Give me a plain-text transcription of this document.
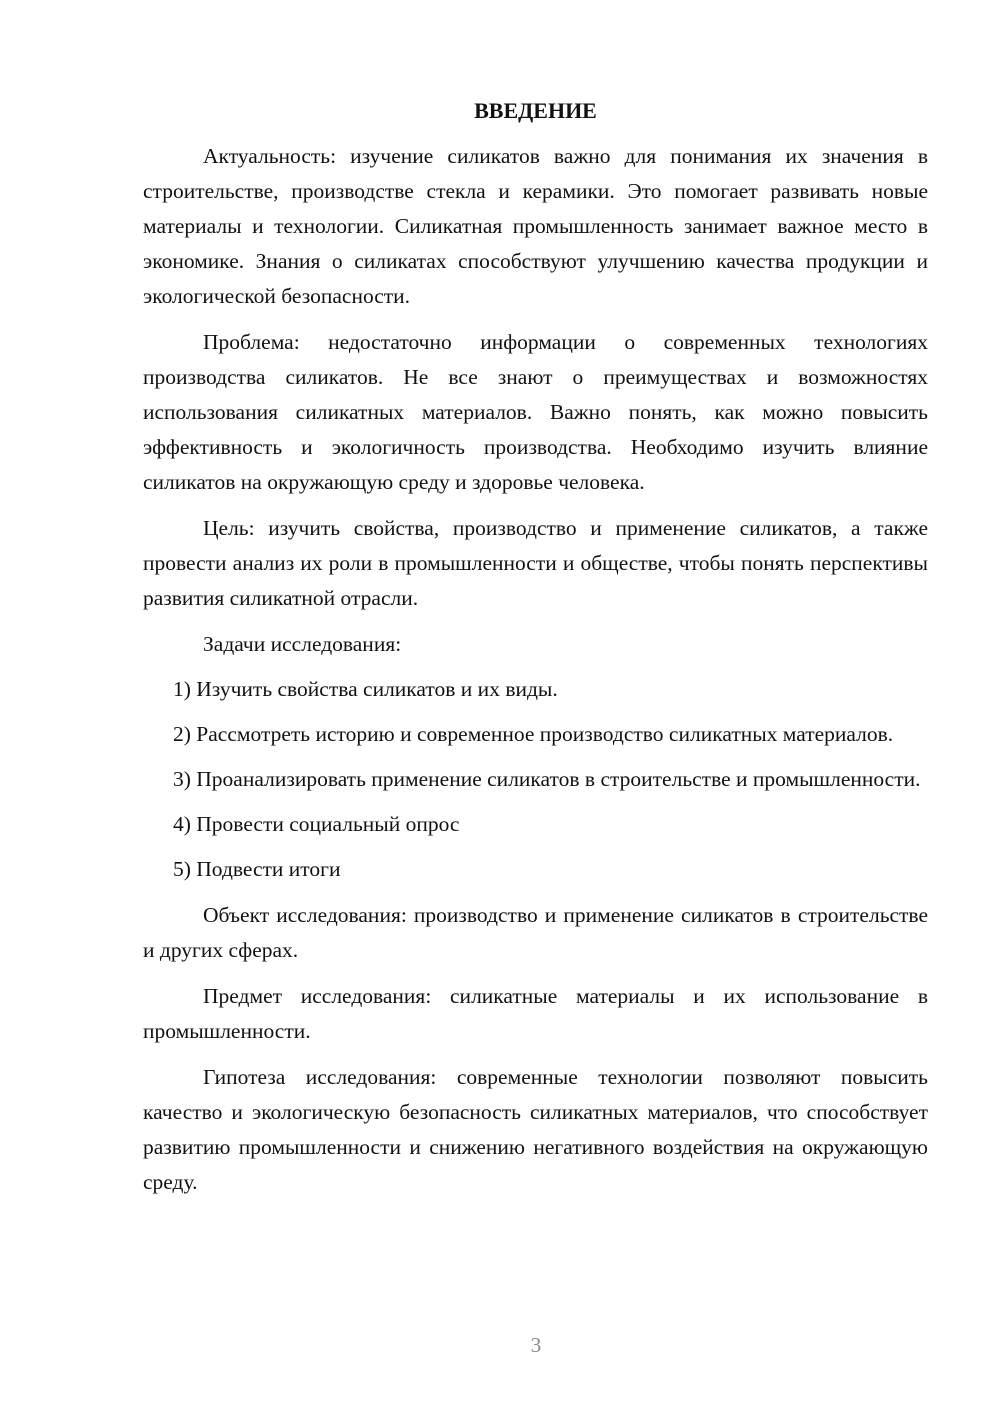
ВВЕДЕНИЕ

Актуальность: изучение силикатов важно для понимания их значения в строительстве, производстве стекла и керамики. Это помогает развивать новые материалы и технологии. Силикатная промышленность занимает важное место в экономике. Знания о силикатах способствуют улучшению качества продукции и экологической безопасности.

Проблема: недостаточно информации о современных технологиях производства силикатов. Не все знают о преимуществах и возможностях использования силикатных материалов. Важно понять, как можно повысить эффективность и экологичность производства. Необходимо изучить влияние силикатов на окружающую среду и здоровье человека.

Цель: изучить свойства, производство и применение силикатов, а также провести анализ их роли в промышленности и обществе, чтобы понять перспективы развития силикатной отрасли.

Задачи исследования:

1) Изучить свойства силикатов и их виды.

2) Рассмотреть историю и современное производство силикатных материалов.

3) Проанализировать применение силикатов в строительстве и промышленности.

4) Провести социальный опрос

5) Подвести итоги

Объект исследования: производство и применение силикатов в строительстве и других сферах.

Предмет исследования: силикатные материалы и их использование в промышленности.

Гипотеза исследования: современные технологии позволяют повысить качество и экологическую безопасность силикатных материалов, что способствует развитию промышленности и снижению негативного воздействия на окружающую среду.

3
